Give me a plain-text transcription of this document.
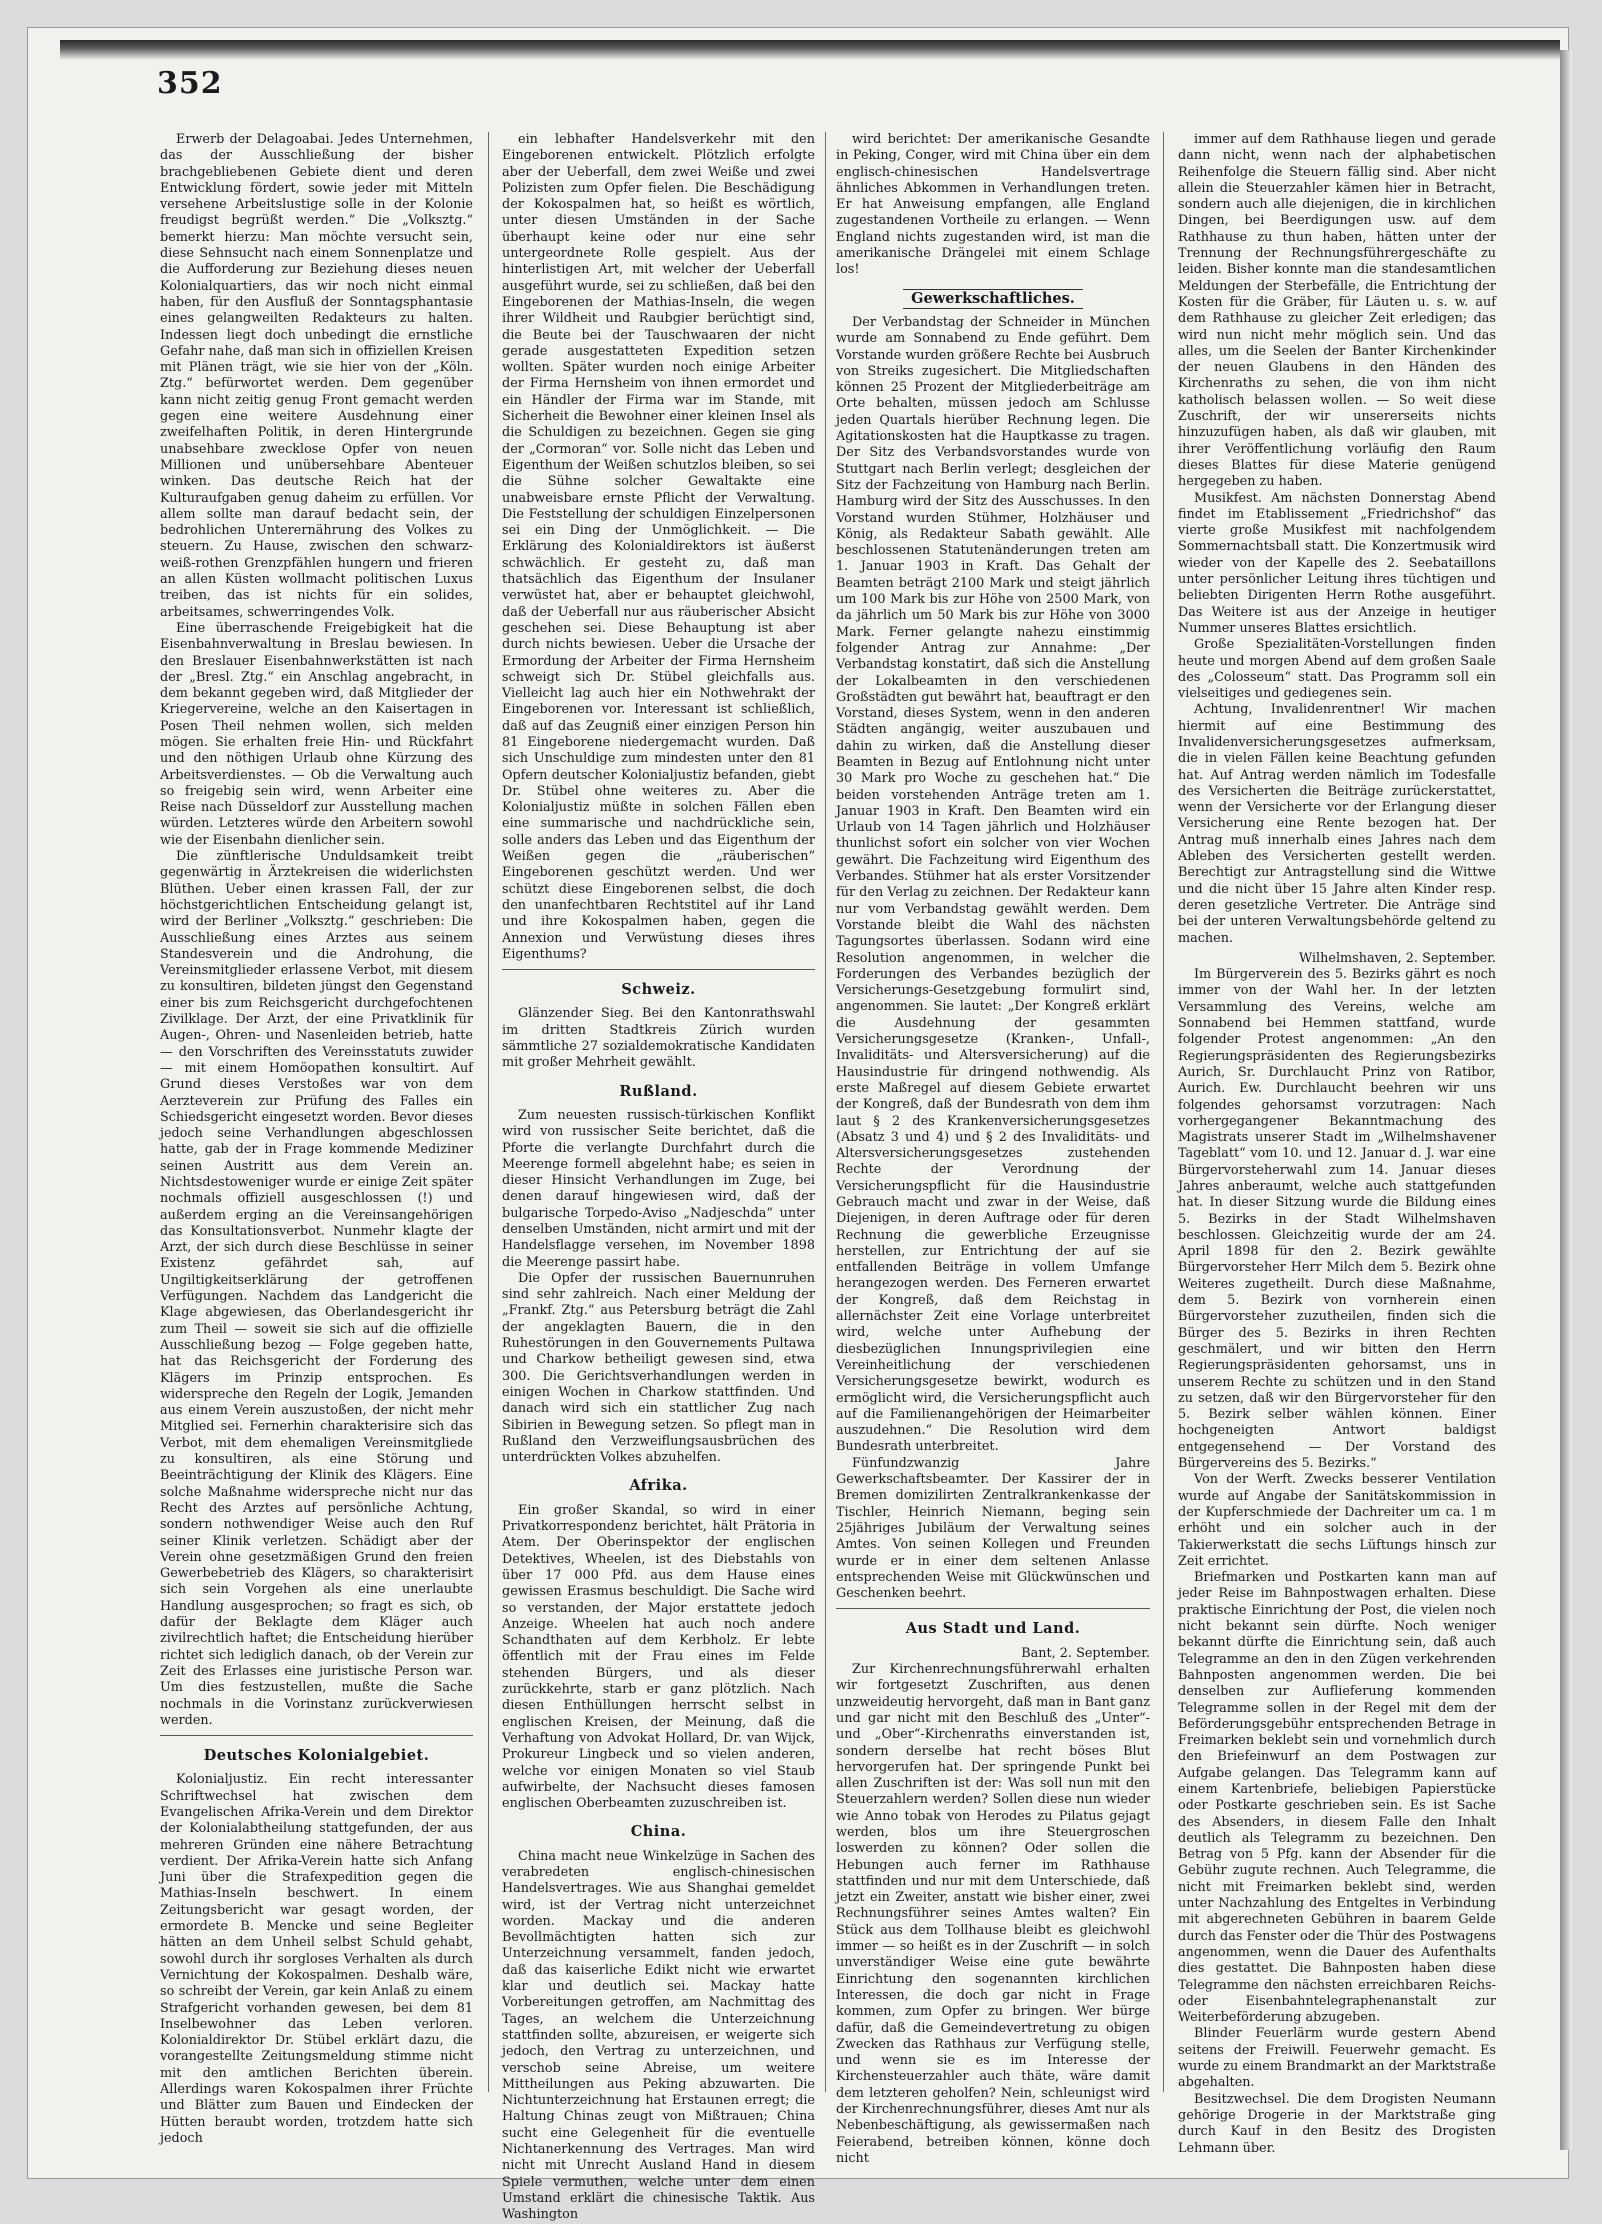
352

Erwerb der Delagoabai. Jedes Unternehmen, das der Ausschließung der bisher brachgebliebenen Gebiete dient und deren Entwicklung fördert, sowie jeder mit Mitteln versehene Arbeitslustige solle in der Kolonie freudigst begrüßt werden.“ Die „Volksztg.“ bemerkt hierzu: Man möchte versucht sein, diese Sehnsucht nach einem Sonnenplatze und die Aufforderung zur Beziehung dieses neuen Kolonialquartiers, das wir noch nicht einmal haben, für den Ausfluß der Sonntagsphantasie eines gelangweilten Redakteurs zu halten. Indessen liegt doch unbedingt die ernstliche Gefahr nahe, daß man sich in offiziellen Kreisen mit Plänen trägt, wie sie hier von der „Köln. Ztg.“ befürwortet werden. Dem gegenüber kann nicht zeitig genug Front gemacht werden gegen eine weitere Ausdehnung einer zweifelhaften Politik, in deren Hintergrunde unabsehbare zwecklose Opfer von neuen Millionen und unübersehbare Abenteuer winken. Das deutsche Reich hat der Kulturaufgaben genug daheim zu erfüllen. Vor allem sollte man darauf bedacht sein, der bedrohlichen Unterernährung des Volkes zu steuern. Zu Hause, zwischen den schwarz-weiß-rothen Grenzpfählen hungern und frieren an allen Küsten wollmacht politischen Luxus treiben, das ist nichts für ein solides, arbeitsames, schwerringendes Volk.

Eine überraschende Freigebigkeit hat die Eisenbahnverwaltung in Breslau bewiesen. In den Breslauer Eisenbahnwerkstätten ist nach der „Bresl. Ztg.“ ein Anschlag angebracht, in dem bekannt gegeben wird, daß Mitglieder der Kriegervereine, welche an den Kaisertagen in Posen Theil nehmen wollen, sich melden mögen. Sie erhalten freie Hin- und Rückfahrt und den nöthigen Urlaub ohne Kürzung des Arbeitsverdienstes. — Ob die Verwaltung auch so freigebig sein wird, wenn Arbeiter eine Reise nach Düsseldorf zur Ausstellung machen würden. Letzteres würde den Arbeitern sowohl wie der Eisenbahn dienlicher sein.

Die zünftlerische Unduldsamkeit treibt gegenwärtig in Ärztekreisen die widerlichsten Blüthen. Ueber einen krassen Fall, der zur höchstgerichtlichen Entscheidung gelangt ist, wird der Berliner „Volksztg.“ geschrieben: Die Ausschließung eines Arztes aus seinem Standesverein und die Androhung, die Vereinsmitglieder erlassene Verbot, mit diesem zu konsultiren, bildeten jüngst den Gegenstand einer bis zum Reichsgericht durchgefochtenen Zivilklage. Der Arzt, der eine Privatklinik für Augen-, Ohren- und Nasenleiden betrieb, hatte — den Vorschriften des Vereinsstatuts zuwider — mit einem Homöopathen konsultirt. Auf Grund dieses Verstoßes war von dem Aerzteverein zur Prüfung des Falles ein Schiedsgericht eingesetzt worden. Bevor dieses jedoch seine Verhandlungen abgeschlossen hatte, gab der in Frage kommende Mediziner seinen Austritt aus dem Verein an. Nichtsdestoweniger wurde er einige Zeit später nochmals offiziell ausgeschlossen (!) und außerdem erging an die Vereinsangehörigen das Konsultationsverbot. Nunmehr klagte der Arzt, der sich durch diese Beschlüsse in seiner Existenz gefährdet sah, auf Ungiltigkeitserklärung der getroffenen Verfügungen. Nachdem das Landgericht die Klage abgewiesen, das Oberlandesgericht ihr zum Theil — soweit sie sich auf die offizielle Ausschließung bezog — Folge gegeben hatte, hat das Reichsgericht der Forderung des Klägers im Prinzip entsprochen. Es widerspreche den Regeln der Logik, Jemanden aus einem Verein auszustoßen, der nicht mehr Mitglied sei. Fernerhin charakterisire sich das Verbot, mit dem ehemaligen Vereinsmitgliede zu konsultiren, als eine Störung und Beeinträchtigung der Klinik des Klägers. Eine solche Maßnahme widerspreche nicht nur das Recht des Arztes auf persönliche Achtung, sondern nothwendiger Weise auch den Ruf seiner Klinik verletzen. Schädigt aber der Verein ohne gesetzmäßigen Grund den freien Gewerbebetrieb des Klägers, so charakterisirt sich sein Vorgehen als eine unerlaubte Handlung ausgesprochen; so fragt es sich, ob dafür der Beklagte dem Kläger auch zivilrechtlich haftet; die Entscheidung hierüber richtet sich lediglich danach, ob der Verein zur Zeit des Erlasses eine juristische Person war. Um dies festzustellen, mußte die Sache nochmals in die Vorinstanz zurückverwiesen werden.

Deutsches Kolonialgebiet.

Kolonialjustiz. Ein recht interessanter Schriftwechsel hat zwischen dem Evangelischen Afrika-Verein und dem Direktor der Kolonialabtheilung stattgefunden, der aus mehreren Gründen eine nähere Betrachtung verdient. Der Afrika-Verein hatte sich Anfang Juni über die Strafexpedition gegen die Mathias-Inseln beschwert. In einem Zeitungsbericht war gesagt worden, der ermordete B. Mencke und seine Begleiter hätten an dem Unheil selbst Schuld gehabt, sowohl durch ihr sorgloses Verhalten als durch Vernichtung der Kokospalmen. Deshalb wäre, so schreibt der Verein, gar kein Anlaß zu einem Strafgericht vorhanden gewesen, bei dem 81 Inselbewohner das Leben verloren. Kolonialdirektor Dr. Stübel erklärt dazu, die vorangestellte Zeitungsmeldung stimme nicht mit den amtlichen Berichten überein. Allerdings waren Kokospalmen ihrer Früchte und Blätter zum Bauen und Eindecken der Hütten beraubt worden, trotzdem hatte sich jedoch

ein lebhafter Handelsverkehr mit den Eingeborenen entwickelt. Plötzlich erfolgte aber der Ueberfall, dem zwei Weiße und zwei Polizisten zum Opfer fielen. Die Beschädigung der Kokospalmen hat, so heißt es wörtlich, unter diesen Umständen in der Sache überhaupt keine oder nur eine sehr untergeordnete Rolle gespielt. Aus der hinterlistigen Art, mit welcher der Ueberfall ausgeführt wurde, sei zu schließen, daß bei den Eingeborenen der Mathias-Inseln, die wegen ihrer Wildheit und Raubgier berüchtigt sind, die Beute bei der Tauschwaaren der nicht gerade ausgestatteten Expedition setzen wollten. Später wurden noch einige Arbeiter der Firma Hernsheim von ihnen ermordet und ein Händler der Firma war im Stande, mit Sicherheit die Bewohner einer kleinen Insel als die Schuldigen zu bezeichnen. Gegen sie ging der „Cormoran“ vor. Solle nicht das Leben und Eigenthum der Weißen schutzlos bleiben, so sei die Sühne solcher Gewaltakte eine unabweisbare ernste Pflicht der Verwaltung. Die Feststellung der schuldigen Einzelpersonen sei ein Ding der Unmöglichkeit. — Die Erklärung des Kolonialdirektors ist äußerst schwächlich. Er gesteht zu, daß man thatsächlich das Eigenthum der Insulaner verwüstet hat, aber er behauptet gleichwohl, daß der Ueberfall nur aus räuberischer Absicht geschehen sei. Diese Behauptung ist aber durch nichts bewiesen. Ueber die Ursache der Ermordung der Arbeiter der Firma Hernsheim schweigt sich Dr. Stübel gleichfalls aus. Vielleicht lag auch hier ein Nothwehrakt der Eingeborenen vor. Interessant ist schließlich, daß auf das Zeugniß einer einzigen Person hin 81 Eingeborene niedergemacht wurden. Daß sich Unschuldige zum mindesten unter den 81 Opfern deutscher Kolonialjustiz befanden, giebt Dr. Stübel ohne weiteres zu. Aber die Kolonialjustiz müßte in solchen Fällen eben eine summarische und nachdrückliche sein, solle anders das Leben und das Eigenthum der Weißen gegen die „räuberischen“ Eingeborenen geschützt werden. Und wer schützt diese Eingeborenen selbst, die doch den unanfechtbaren Rechtstitel auf ihr Land und ihre Kokospalmen haben, gegen die Annexion und Verwüstung dieses ihres Eigenthums?

Schweiz.

Glänzender Sieg. Bei den Kantonrathswahl im dritten Stadtkreis Zürich wurden sämmtliche 27 sozialdemokratische Kandidaten mit großer Mehrheit gewählt.

Rußland.

Zum neuesten russisch-türkischen Konflikt wird von russischer Seite berichtet, daß die Pforte die verlangte Durchfahrt durch die Meerenge formell abgelehnt habe; es seien in dieser Hinsicht Verhandlungen im Zuge, bei denen darauf hingewiesen wird, daß der bulgarische Torpedo-Aviso „Nadjeschda“ unter denselben Umständen, nicht armirt und mit der Handelsflagge versehen, im November 1898 die Meerenge passirt habe.

Die Opfer der russischen Bauernunruhen sind sehr zahlreich. Nach einer Meldung der „Frankf. Ztg.“ aus Petersburg beträgt die Zahl der angeklagten Bauern, die in den Ruhestörungen in den Gouvernements Pultawa und Charkow betheiligt gewesen sind, etwa 300. Die Gerichtsverhandlungen werden in einigen Wochen in Charkow stattfinden. Und danach wird sich ein stattlicher Zug nach Sibirien in Bewegung setzen. So pflegt man in Rußland den Verzweiflungsausbrüchen des unterdrückten Volkes abzuhelfen.

Afrika.

Ein großer Skandal, so wird in einer Privatkorrespondenz berichtet, hält Prätoria in Atem. Der Oberinspektor der englischen Detektives, Wheelen, ist des Diebstahls von über 17 000 Pfd. aus dem Hause eines gewissen Erasmus beschuldigt. Die Sache wird so verstanden, der Major erstattete jedoch Anzeige. Wheelen hat auch noch andere Schandthaten auf dem Kerbholz. Er lebte öffentlich mit der Frau eines im Felde stehenden Bürgers, und als dieser zurückkehrte, starb er ganz plötzlich. Nach diesen Enthüllungen herrscht selbst in englischen Kreisen, der Meinung, daß die Verhaftung von Advokat Hollard, Dr. van Wijck, Prokureur Lingbeck und so vielen anderen, welche vor einigen Monaten so viel Staub aufwirbelte, der Nachsucht dieses famosen englischen Oberbeamten zuzuschreiben ist.

China.

China macht neue Winkelzüge in Sachen des verabredeten englisch-chinesischen Handelsvertrages. Wie aus Shanghai gemeldet wird, ist der Vertrag nicht unterzeichnet worden. Mackay und die anderen Bevollmächtigten hatten sich zur Unterzeichnung versammelt, fanden jedoch, daß das kaiserliche Edikt nicht wie erwartet klar und deutlich sei. Mackay hatte Vorbereitungen getroffen, am Nachmittag des Tages, an welchem die Unterzeichnung stattfinden sollte, abzureisen, er weigerte sich jedoch, den Vertrag zu unterzeichnen, und verschob seine Abreise, um weitere Mittheilungen aus Peking abzuwarten. Die Nichtunterzeichnung hat Erstaunen erregt; die Haltung Chinas zeugt von Mißtrauen; China sucht eine Gelegenheit für die eventuelle Nichtanerkennung des Vertrages. Man wird nicht mit Unrecht Ausland Hand in diesem Spiele vermuthen, welche unter dem einen Umstand erklärt die chinesische Taktik. Aus Washington

wird berichtet: Der amerikanische Gesandte in Peking, Conger, wird mit China über ein dem englisch-chinesischen Handelsvertrage ähnliches Abkommen in Verhandlungen treten. Er hat Anweisung empfangen, alle England zugestandenen Vortheile zu erlangen. — Wenn England nichts zugestanden wird, ist man die amerikanische Drängelei mit einem Schlage los!

Gewerkschaftliches.

Der Verbandstag der Schneider in München wurde am Sonnabend zu Ende geführt. Dem Vorstande wurden größere Rechte bei Ausbruch von Streiks zugesichert. Die Mitgliedschaften können 25 Prozent der Mitgliederbeiträge am Orte behalten, müssen jedoch am Schlusse jeden Quartals hierüber Rechnung legen. Die Agitationskosten hat die Hauptkasse zu tragen. Der Sitz des Verbandsvorstandes wurde von Stuttgart nach Berlin verlegt; desgleichen der Sitz der Fachzeitung von Hamburg nach Berlin. Hamburg wird der Sitz des Ausschusses. In den Vorstand wurden Stühmer, Holzhäuser und König, als Redakteur Sabath gewählt. Alle beschlossenen Statutenänderungen treten am 1. Januar 1903 in Kraft. Das Gehalt der Beamten beträgt 2100 Mark und steigt jährlich um 100 Mark bis zur Höhe von 2500 Mark, von da jährlich um 50 Mark bis zur Höhe von 3000 Mark. Ferner gelangte nahezu einstimmig folgender Antrag zur Annahme: „Der Verbandstag konstatirt, daß sich die Anstellung der Lokalbeamten in den verschiedenen Großstädten gut bewährt hat, beauftragt er den Vorstand, dieses System, wenn in den anderen Städten angängig, weiter auszubauen und dahin zu wirken, daß die Anstellung dieser Beamten in Bezug auf Entlohnung nicht unter 30 Mark pro Woche zu geschehen hat.“ Die beiden vorstehenden Anträge treten am 1. Januar 1903 in Kraft. Den Beamten wird ein Urlaub von 14 Tagen jährlich und Holzhäuser thunlichst sofort ein solcher von vier Wochen gewährt. Die Fachzeitung wird Eigenthum des Verbandes. Stühmer hat als erster Vorsitzender für den Verlag zu zeichnen. Der Redakteur kann nur vom Verbandstag gewählt werden. Dem Vorstande bleibt die Wahl des nächsten Tagungsortes überlassen. Sodann wird eine Resolution angenommen, in welcher die Forderungen des Verbandes bezüglich der Versicherungs-Gesetzgebung formulirt sind, angenommen. Sie lautet: „Der Kongreß erklärt die Ausdehnung der gesammten Versicherungsgesetze (Kranken-, Unfall-, Invaliditäts- und Altersversicherung) auf die Hausindustrie für dringend nothwendig. Als erste Maßregel auf diesem Gebiete erwartet der Kongreß, daß der Bundesrath von dem ihm laut § 2 des Krankenversicherungsgesetzes (Absatz 3 und 4) und § 2 des Invaliditäts- und Altersversicherungsgesetzes zustehenden Rechte der Verordnung der Versicherungspflicht für die Hausindustrie Gebrauch macht und zwar in der Weise, daß Diejenigen, in deren Auftrage oder für deren Rechnung die gewerbliche Erzeugnisse herstellen, zur Entrichtung der auf sie entfallenden Beiträge in vollem Umfange herangezogen werden. Des Ferneren erwartet der Kongreß, daß dem Reichstag in allernächster Zeit eine Vorlage unterbreitet wird, welche unter Aufhebung der diesbezüglichen Innungsprivilegien eine Vereinheitlichung der verschiedenen Versicherungsgesetze bewirkt, wodurch es ermöglicht wird, die Versicherungspflicht auch auf die Familienangehörigen der Heimarbeiter auszudehnen.“ Die Resolution wird dem Bundesrath unterbreitet.

Fünfundzwanzig Jahre Gewerkschaftsbeamter. Der Kassirer der in Bremen domizilirten Zentralkrankenkasse der Tischler, Heinrich Niemann, beging sein 25jähriges Jubiläum der Verwaltung seines Amtes. Von seinen Kollegen und Freunden wurde er in einer dem seltenen Anlasse entsprechenden Weise mit Glückwünschen und Geschenken beehrt.

Aus Stadt und Land.

Bant, 2. September.

Zur Kirchenrechnungsführerwahl erhalten wir fortgesetzt Zuschriften, aus denen unzweideutig hervorgeht, daß man in Bant ganz und gar nicht mit den Beschluß des „Unter“- und „Ober“-Kirchenraths einverstanden ist, sondern derselbe hat recht böses Blut hervorgerufen hat. Der springende Punkt bei allen Zuschriften ist der: Was soll nun mit den Steuerzahlern werden? Sollen diese nun wieder wie Anno tobak von Herodes zu Pilatus gejagt werden, blos um ihre Steuergroschen loswerden zu können? Oder sollen die Hebungen auch ferner im Rathhause stattfinden und nur mit dem Unterschiede, daß jetzt ein Zweiter, anstatt wie bisher einer, zwei Rechnungsführer seines Amtes walten? Ein Stück aus dem Tollhause bleibt es gleichwohl immer — so heißt es in der Zuschrift — in solch unverständiger Weise eine gute bewährte Einrichtung den sogenannten kirchlichen Interessen, die doch gar nicht in Frage kommen, zum Opfer zu bringen. Wer bürge dafür, daß die Gemeindevertretung zu obigen Zwecken das Rathhaus zur Verfügung stelle, und wenn sie es im Interesse der Kirchensteuerzahler auch thäte, wäre damit dem letzteren geholfen? Nein, schleunigst wird der Kirchenrechnungsführer, dieses Amt nur als Nebenbeschäftigung, als gewissermaßen nach Feierabend, betreiben können, könne doch nicht

immer auf dem Rathhause liegen und gerade dann nicht, wenn nach der alphabetischen Reihenfolge die Steuern fällig sind. Aber nicht allein die Steuerzahler kämen hier in Betracht, sondern auch alle diejenigen, die in kirchlichen Dingen, bei Beerdigungen usw. auf dem Rathhause zu thun haben, hätten unter der Trennung der Rechnungsführergeschäfte zu leiden. Bisher konnte man die standesamtlichen Meldungen der Sterbefälle, die Entrichtung der Kosten für die Gräber, für Läuten u. s. w. auf dem Rathhause zu gleicher Zeit erledigen; das wird nun nicht mehr möglich sein. Und das alles, um die Seelen der Banter Kirchenkinder der neuen Glaubens in den Händen des Kirchenraths zu sehen, die von ihm nicht katholisch belassen wollen. — So weit diese Zuschrift, der wir unsererseits nichts hinzuzufügen haben, als daß wir glauben, mit ihrer Veröffentlichung vorläufig den Raum dieses Blattes für diese Materie genügend hergegeben zu haben.

Musikfest. Am nächsten Donnerstag Abend findet im Etablissement „Friedrichshof“ das vierte große Musikfest mit nachfolgendem Sommernachtsball statt. Die Konzertmusik wird wieder von der Kapelle des 2. Seebataillons unter persönlicher Leitung ihres tüchtigen und beliebten Dirigenten Herrn Rothe ausgeführt. Das Weitere ist aus der Anzeige in heutiger Nummer unseres Blattes ersichtlich.

Große Spezialitäten-Vorstellungen finden heute und morgen Abend auf dem großen Saale des „Colosseum“ statt. Das Programm soll ein vielseitiges und gediegenes sein.

Achtung, Invalidenrentner! Wir machen hiermit auf eine Bestimmung des Invalidenversicherungsgesetzes aufmerksam, die in vielen Fällen keine Beachtung gefunden hat. Auf Antrag werden nämlich im Todesfalle des Versicherten die Beiträge zurückerstattet, wenn der Versicherte vor der Erlangung dieser Versicherung eine Rente bezogen hat. Der Antrag muß innerhalb eines Jahres nach dem Ableben des Versicherten gestellt werden. Berechtigt zur Antragstellung sind die Wittwe und die nicht über 15 Jahre alten Kinder resp. deren gesetzliche Vertreter. Die Anträge sind bei der unteren Verwaltungsbehörde geltend zu machen.

Wilhelmshaven, 2. September.

Im Bürgerverein des 5. Bezirks gährt es noch immer von der Wahl her. In der letzten Versammlung des Vereins, welche am Sonnabend bei Hemmen stattfand, wurde folgender Protest angenommen: „An den Regierungspräsidenten des Regierungsbezirks Aurich, Sr. Durchlaucht Prinz von Ratibor, Aurich. Ew. Durchlaucht beehren wir uns folgendes gehorsamst vorzutragen: Nach vorhergegangener Bekanntmachung des Magistrats unserer Stadt im „Wilhelmshavener Tageblatt“ vom 10. und 12. Januar d. J. war eine Bürgervorsteherwahl zum 14. Januar dieses Jahres anberaumt, welche auch stattgefunden hat. In dieser Sitzung wurde die Bildung eines 5. Bezirks in der Stadt Wilhelmshaven beschlossen. Gleichzeitig wurde der am 24. April 1898 für den 2. Bezirk gewählte Bürgervorsteher Herr Milch dem 5. Bezirk ohne Weiteres zugetheilt. Durch diese Maßnahme, dem 5. Bezirk von vornherein einen Bürgervorsteher zuzutheilen, finden sich die Bürger des 5. Bezirks in ihren Rechten geschmälert, und wir bitten den Herrn Regierungspräsidenten gehorsamst, uns in unserem Rechte zu schützen und in den Stand zu setzen, daß wir den Bürgervorsteher für den 5. Bezirk selber wählen können. Einer hochgeneigten Antwort baldigst entgegensehend — Der Vorstand des Bürgervereins des 5. Bezirks.“

Von der Werft. Zwecks besserer Ventilation wurde auf Angabe der Sanitätskommission in der Kupferschmiede der Dachreiter um ca. 1 m erhöht und ein solcher auch in der Takierwerkstatt die sechs Lüftungs hinsch zur Zeit errichtet.

Briefmarken und Postkarten kann man auf jeder Reise im Bahnpostwagen erhalten. Diese praktische Einrichtung der Post, die vielen noch nicht bekannt sein dürfte. Noch weniger bekannt dürfte die Einrichtung sein, daß auch Telegramme an den in den Zügen verkehrenden Bahnposten angenommen werden. Die bei denselben zur Auflieferung kommenden Telegramme sollen in der Regel mit dem der Beförderungsgebühr entsprechenden Betrage in Freimarken beklebt sein und vornehmlich durch den Briefeinwurf an dem Postwagen zur Aufgabe gelangen. Das Telegramm kann auf einem Kartenbriefe, beliebigen Papierstücke oder Postkarte geschrieben sein. Es ist Sache des Absenders, in diesem Falle den Inhalt deutlich als Telegramm zu bezeichnen. Den Betrag von 5 Pfg. kann der Absender für die Gebühr zugute rechnen. Auch Telegramme, die nicht mit Freimarken beklebt sind, werden unter Nachzahlung des Entgeltes in Verbindung mit abgerechneten Gebühren in baarem Gelde durch das Fenster oder die Thür des Postwagens angenommen, wenn die Dauer des Aufenthalts dies gestattet. Die Bahnposten haben diese Telegramme den nächsten erreichbaren Reichs- oder Eisenbahntelegraphenanstalt zur Weiterbeförderung abzugeben.

Blinder Feuerlärm wurde gestern Abend seitens der Freiwill. Feuerwehr gemacht. Es wurde zu einem Brandmarkt an der Marktstraße abgehalten.

Besitzwechsel. Die dem Drogisten Neumann gehörige Drogerie in der Marktstraße ging durch Kauf in den Besitz des Drogisten Lehmann über.
